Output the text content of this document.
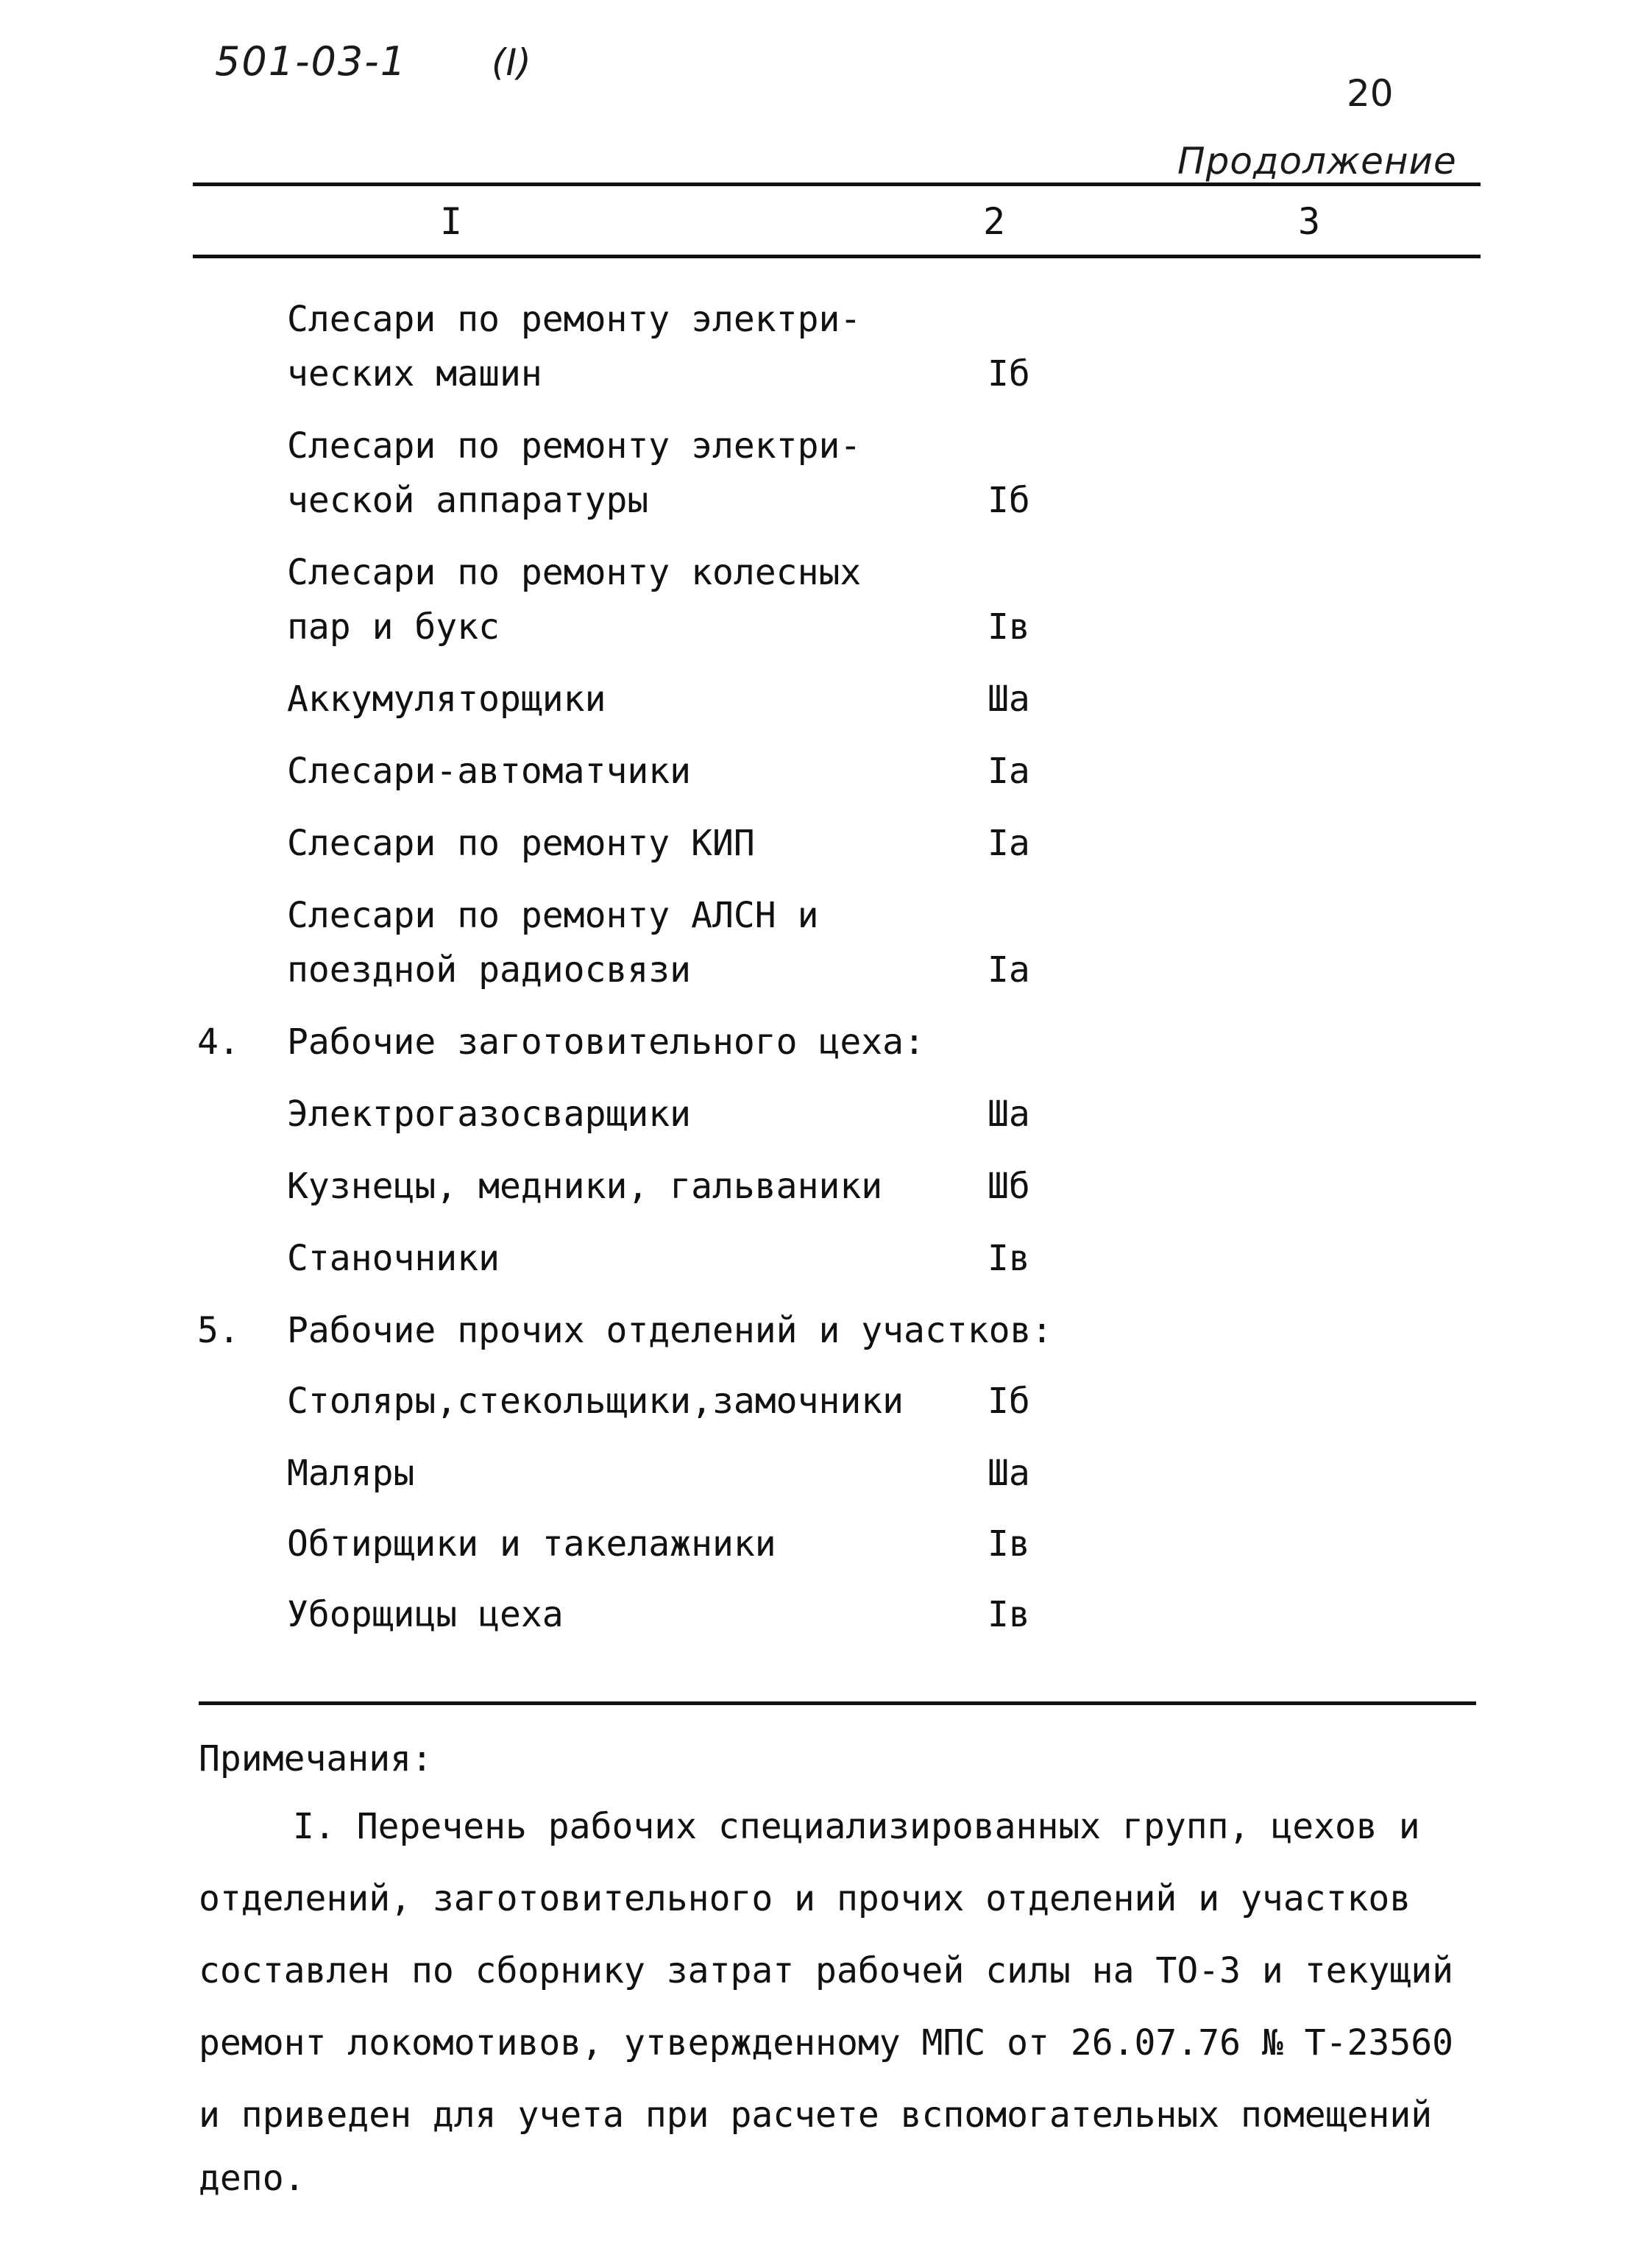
501-03-1 (I)
20
Продолжение
I	2	3
Слесари по ремонту электри-
ческих машин	Iб
Слесари по ремонту электри-
ческой аппаратуры	Iб
Слесари по ремонту колесных
пар и букс	Iв
Аккумуляторщики	Шa
Слесари-автоматчики	Ia
Слесари по ремонту КИП	Ia
Слесари по ремонту АЛСН и
поездной радиосвязи	Ia
4. Рабочие заготовительного цеха:
Электрогазосварщики	Шa
Кузнецы, медники, гальваники	Шб
Станочники	Iв
5. Рабочие прочих отделений и участков:
Столяры,стекольщики,замочники Iб
Маляры	Шa
Обтирщики и такелажники	Iв
Уборщицы цеха	Iв
Примечания:
I. Перечень рабочих специализированных групп, цехов и
отделений, заготовительного и прочих отделений и участков
составлен по сборнику затрат рабочей силы на ТО-3 и текущий
ремонт локомотивов, утвержденному МПС от 26.07.76 № Т-23560
и приведен для учета при расчете вспомогательных помещений
депо.
